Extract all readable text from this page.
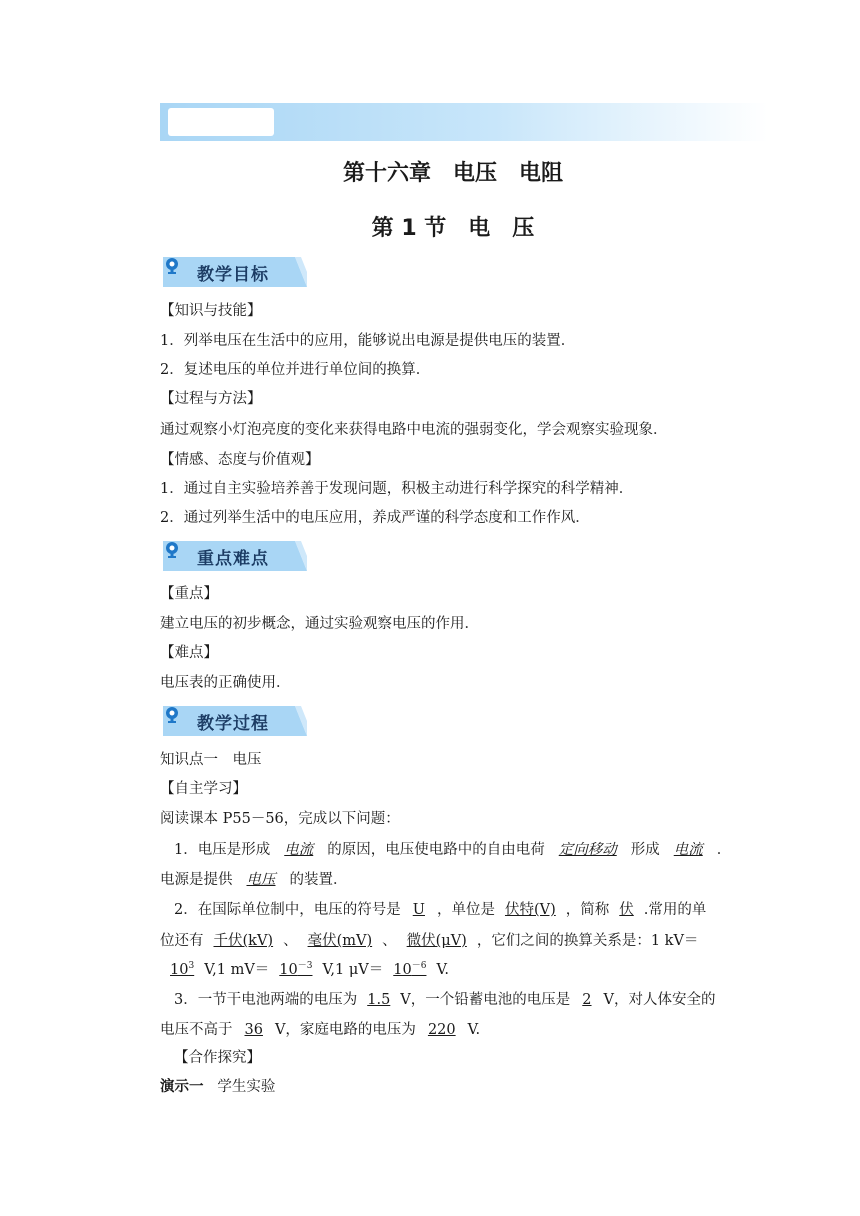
第十六章　电压　电阻
第 1 节　电　压
教学目标
【知识与技能】
1．列举电压在生活中的应用，能够说出电源是提供电压的装置．
2．复述电压的单位并进行单位间的换算．
【过程与方法】
通过观察小灯泡亮度的变化来获得电路中电流的强弱变化，学会观察实验现象．
【情感、态度与价值观】
1．通过自主实验培养善于发现问题，积极主动进行科学探究的科学精神．
2．通过列举生活中的电压应用，养成严谨的科学态度和工作作风．
重点难点
【重点】
建立电压的初步概念，通过实验观察电压的作用．
【难点】
电压表的正确使用．
教学过程
知识点一　电压
【自主学习】
阅读课本 P55－56，完成以下问题：
1．电压是形成 电流 的原因，电压使电路中的自由电荷 定向移动 形成 电流 ．
电源是提供 电压 的装置．
2．在国际单位制中，电压的符号是 U ，单位是 伏特(V) ，简称 伏 .常用的单
位还有 千伏(kV) 、 毫伏(mV) 、 微伏(μV) ，它们之间的换算关系是：1 kV＝
$10^3$ V,1 $mV= 10^{-3}$ V,1 $\mu V= 10^{-6}$ V.
3．一节干电池两端的电压为 1.5 V，一个铅蓄电池的电压是 2 V，对人体安全的
电压不高于 36 V，家庭电路的电压为 220 V.
【合作探究】
演示一 学生实验
